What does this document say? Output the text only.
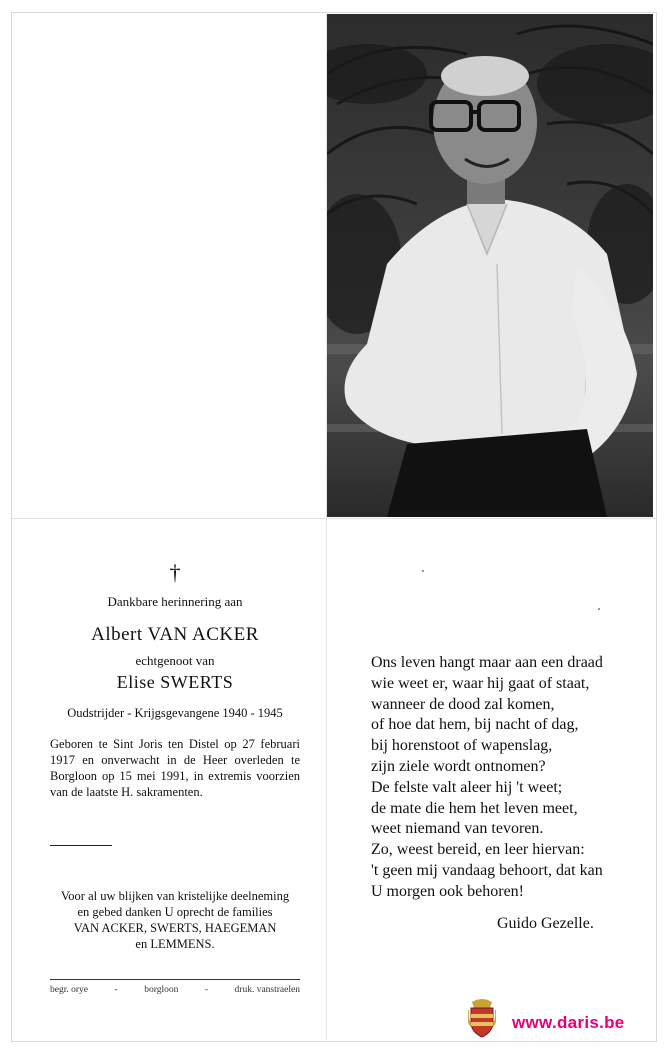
†
Dankbare herinnering aan
Albert VAN ACKER
echtgenoot van
Elise SWERTS
Oudstrijder - Krijgsgevangene 1940 - 1945
Geboren te Sint Joris ten Distel op 27 februari 1917 en onverwacht in de Heer overleden te Borgloon op 15 mei 1991, in extremis voorzien van de laatste H. sakramenten.
Voor al uw blijken van kristelijke deelneming
en gebed danken U oprecht de families
VAN ACKER, SWERTS, HAEGEMAN
en LEMMENS.
begr. orye	-	borgloon	-	druk. vanstraelen
Ons leven hangt maar aan een draad
wie weet er, waar hij gaat of staat,
wanneer de dood zal komen,
of hoe dat hem, bij nacht of dag,
bij horenstoot of wapenslag,
zijn ziele wordt ontnomen?
De felste valt aleer hij 't weet;
de mate die hem het leven meet,
weet niemand van tevoren.
Zo, weest bereid, en leer hiervan:
't geen mij vandaag behoort, dat kan
U morgen ook behoren!
Guido Gezelle.
www.daris.be
